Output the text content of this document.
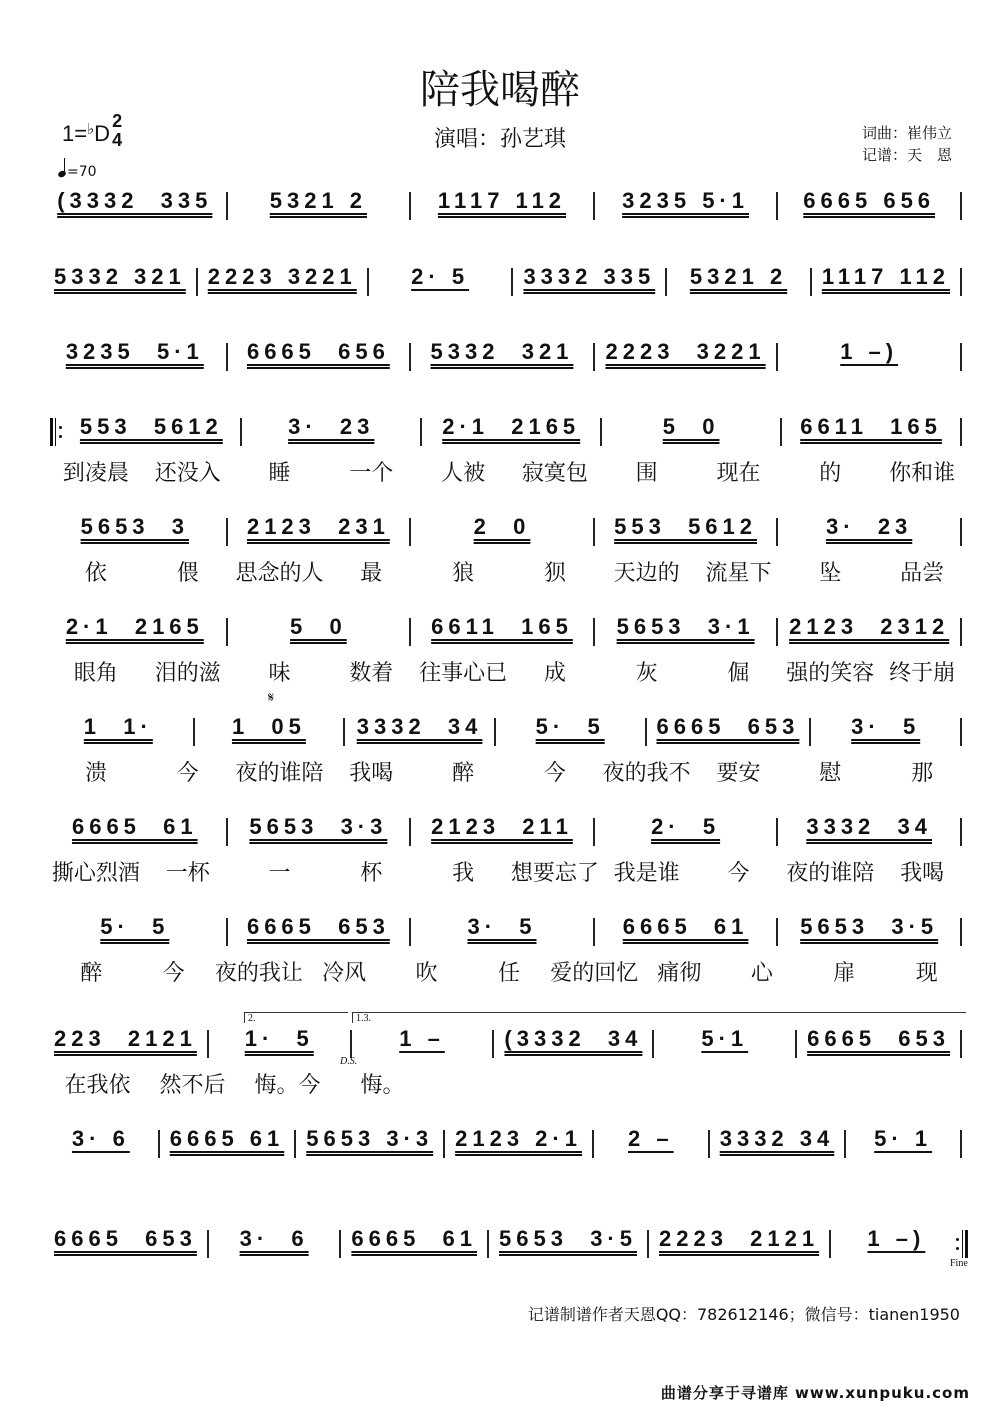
陪我喝醉
1=♭D 2
4	演唱：孙艺琪	词曲：崔伟立
记谱：天　恩
=70
(3332  335	5321 2	1117 112	3235 5·1 6665 656
5332 321 2223 3221 2· 5 3332 335 5321 2 1117 112
3235  5·1 6665  656 5332  321 2223  3221	1 –)
553  5612	3·  23	2·1  2165	5  0	6611  165
5653  3	2123  231	2  0	553  5612	3·  23
2·1  2165	5  0	6611  165 5653  3·1 2123  2312
1  1·	1  05 3332  34 5·  5 6665  653 3·  5
6665  61 5653  3·3 2123  211	2·  5	3332  34
5·  5	6665  653	3·  5	6665  61 5653  3·5
223  2121 1·  5	1 –	(3332  34	5·1	6665  653
3· 6 6665 61 5653 3·3 2123 2·1 2 – 3332 34 5· 1
6665  653 3·  6 6665  61 5653  3·5 2223  2121 1 –)
到凌晨	还没入	睡	一个	人被	寂寞包	围	现在	的	你和谁
依	偎	思念的人	最	狼	狈	天边的	流星下	坠	品尝
眼角	泪的滋	味	数着	往事心已	成	灰	倔	强的笑容 终于崩
溃	今	夜的谁陪	我喝	醉	今	夜的我不	要安	慰	那
撕心烈酒	一杯	一	杯	我	想要忘了 我是谁	今	夜的谁陪	我喝
醉	今	夜的我让 冷风	吹	任	爱的回忆 痛彻	心	扉	现
在我依	然不后	悔。今	悔。
𝄋
D.S.
Fine
2.	1.3.
记谱制谱作者天恩QQ：782612146；微信号：tianen1950
曲谱分享于寻谱库 www.xunpuku.com
